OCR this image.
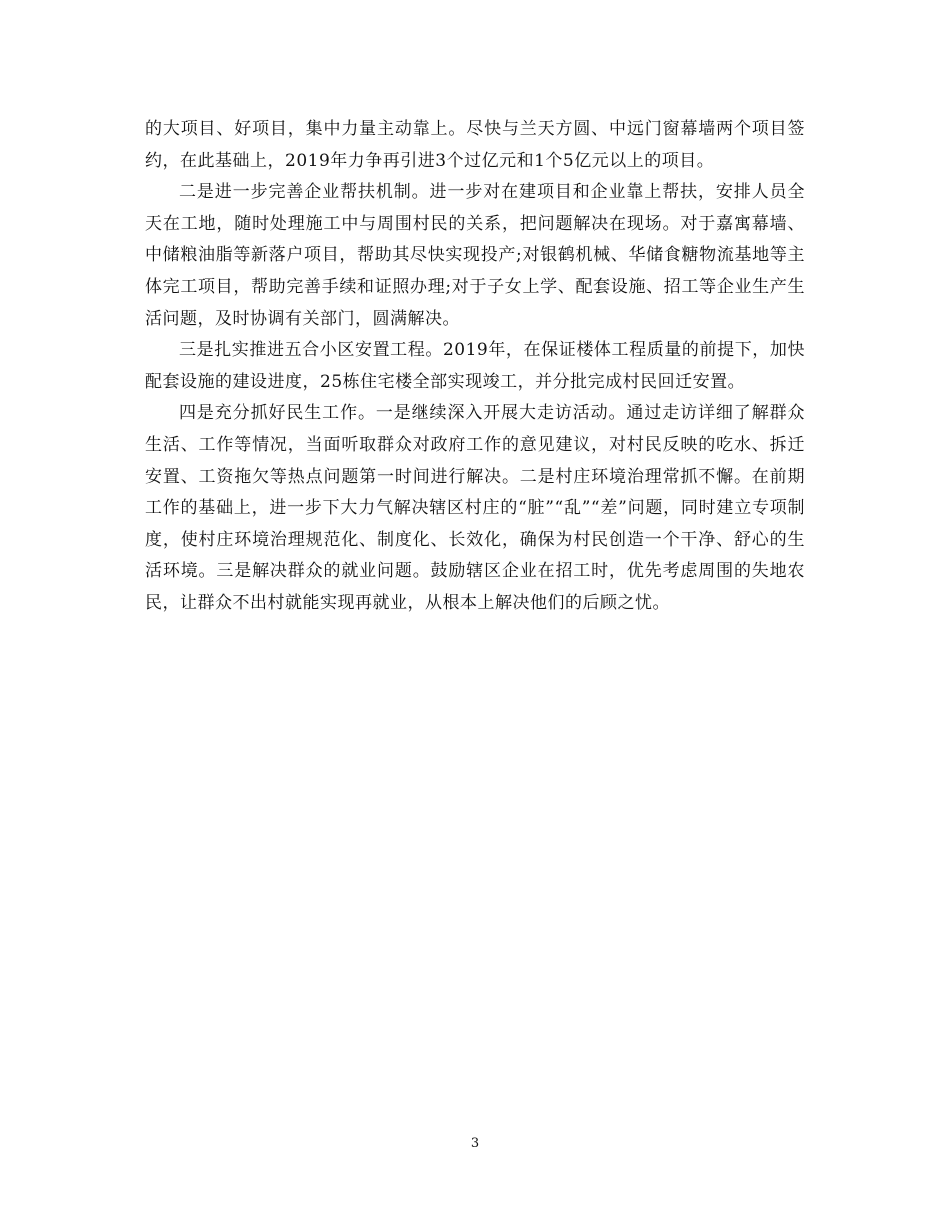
的大项目、好项目，集中力量主动靠上。尽快与兰天方圆、中远门窗幕墙两个项目签约，在此基础上，2019年力争再引进3个过亿元和1个5亿元以上的项目。

二是进一步完善企业帮扶机制。进一步对在建项目和企业靠上帮扶，安排人员全天在工地，随时处理施工中与周围村民的关系，把问题解决在现场。对于嘉寓幕墙、中储粮油脂等新落户项目，帮助其尽快实现投产;对银鹤机械、华储食糖物流基地等主体完工项目，帮助完善手续和证照办理;对于子女上学、配套设施、招工等企业生产生活问题，及时协调有关部门，圆满解决。

三是扎实推进五合小区安置工程。2019年，在保证楼体工程质量的前提下，加快配套设施的建设进度，25栋住宅楼全部实现竣工，并分批完成村民回迁安置。

四是充分抓好民生工作。一是继续深入开展大走访活动。通过走访详细了解群众生活、工作等情况，当面听取群众对政府工作的意见建议，对村民反映的吃水、拆迁安置、工资拖欠等热点问题第一时间进行解决。二是村庄环境治理常抓不懈。在前期工作的基础上，进一步下大力气解决辖区村庄的“脏”“乱”“差”问题，同时建立专项制度，使村庄环境治理规范化、制度化、长效化，确保为村民创造一个干净、舒心的生活环境。三是解决群众的就业问题。鼓励辖区企业在招工时，优先考虑周围的失地农民，让群众不出村就能实现再就业，从根本上解决他们的后顾之忧。

3
